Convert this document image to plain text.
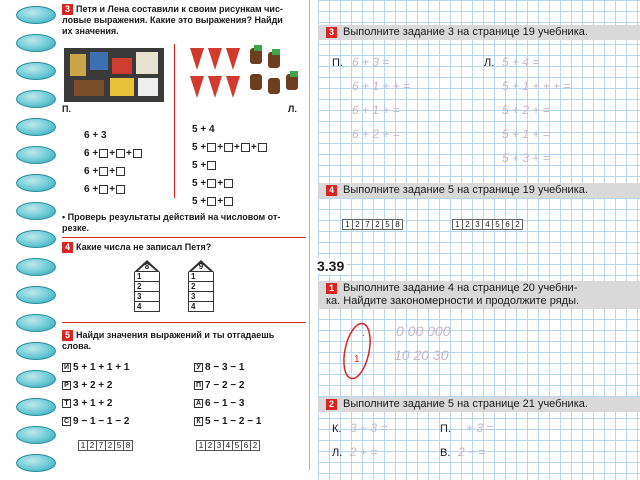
3 Петя и Лена составили к своим рисункам чис-
ловые выражения. Какие это выражения? Найди
их значения.
П.	Л.
6 + 3
6 + + +
6 + +
6 + +
5 + 4
5 + + + +
5 +
5 + +
5 + +
• Проверь результаты действий на числовом от-
резке.
4 Какие числа не записал Петя?
8
1
2
3
4
9
1
2
3
4
5 Найди значения выражений и ты отгадаешь
слова.
И 5 + 1 + 1 + 1
Р 3 + 2 + 2
Т 3 + 1 + 2
С 9 − 1 − 1 − 2
У 8 − 3 − 1
П 7 − 2 − 2
А 6 − 1 − 3
К 5 − 1 − 2 − 1
1 2 7 2 5 8	1 2 3 4 5 6 2
3 Выполните задание 3 на странице 19 учебника.
П. 6 + 3 =
6 + 1 + + =
6 + 1 + =
6 + 2 + =
Л. 5 + 4 =
5 + 1 + + + =
5 + 2 + =
5 + 1 + =
5 + 3 + =
4 Выполните задание 5 на странице 19 учебника.
1 2 7 2 5 8	1 2 3 4 5 6 2
3.39
1 Выполните задание 4 на странице 20 учебни-
ка. Найдите закономерности и продолжите ряды.
.
1
0 00 000
10 20 30
2 Выполните задание 5 на странице 21 учебника.
К. 3 − 3 =	П. + 3 =
Л. 2 + =	В. 2 − =
